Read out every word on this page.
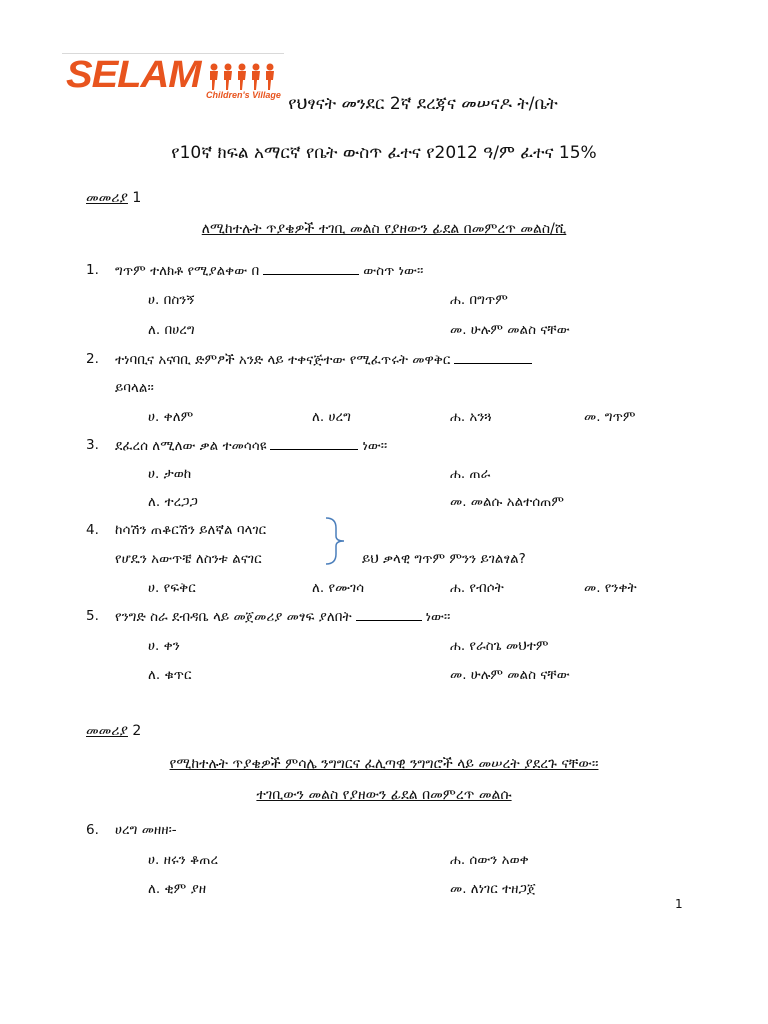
SELAM Children's Village የህፃናት መንደር 2ኛ ደረጃና መሠናዶ ት/ቤት
የ10ኛ ክፍል አማርኛ የቤት ውስጥ ፈተና የ2012 ዓ/ም ፈተና 15%
መመሪያ 1
ለሚከተሉት ጥያቄዎች ተገቢ መልስ የያዘውን ፊደል በመምረጥ መልስ/ሺ
1. ግጥም ተለክቶ የሚያልቀው በ	ውስጥ ነው፡፡
ሀ. በስንኝ	ሐ. በግጥም
ለ. በሀረግ	መ. ሁሉም መልስ ናቸው
2. ተነባቢና አናባቢ ድምፆች አንድ ላይ ተቀናጅተው የሚፈጥሩት መዋቅር
ይባላል፡፡
ሀ. ቀለም	ለ. ሀረግ	ሐ. አንጓ	መ. ግጥም
3. ደፈረሰ ለሚለው ቃል ተመሳሳዩ	ነው፡፡
ሀ. ታወከ	ሐ. ጠራ
ለ. ተረጋጋ	መ. መልሱ አልተሰጠም
4. ከሳሽን ጠቆርሽን ይለኛል ባላገር
የሆዴን አውጥቼ ለስንቱ ልናገር	ይህ ቃላዊ ግጥም ምንን ይገልፃል?
ሀ. የፍቅር	ለ. የሙገሳ	ሐ. የብሶት	መ. የንቀት
5. የንግድ ስራ ደብዳቤ ላይ መጀመሪያ መፃፍ ያለበት	ነው፡፡
ሀ. ቀን	ሐ. የራስጌ መህተም
ለ. ቁጥር	መ. ሁሉም መልስ ናቸው
መመሪያ 2
የሚከተሉት ጥያቄዎች ምሳሌ ንግግርና ፈሊጣዊ ንግግሮች ላይ መሠረት ያደረጉ ናቸው፡፡
ተገቢውን መልስ የያዘውን ፊደል በመምረጥ መልሱ
6. ሀረግ መዘዘ፡-
ሀ. ዘሩን ቆጠረ	ሐ. ሰውን አወቀ
ለ. ቂም ያዘ	መ. ለነገር ተዘጋጀ
1
